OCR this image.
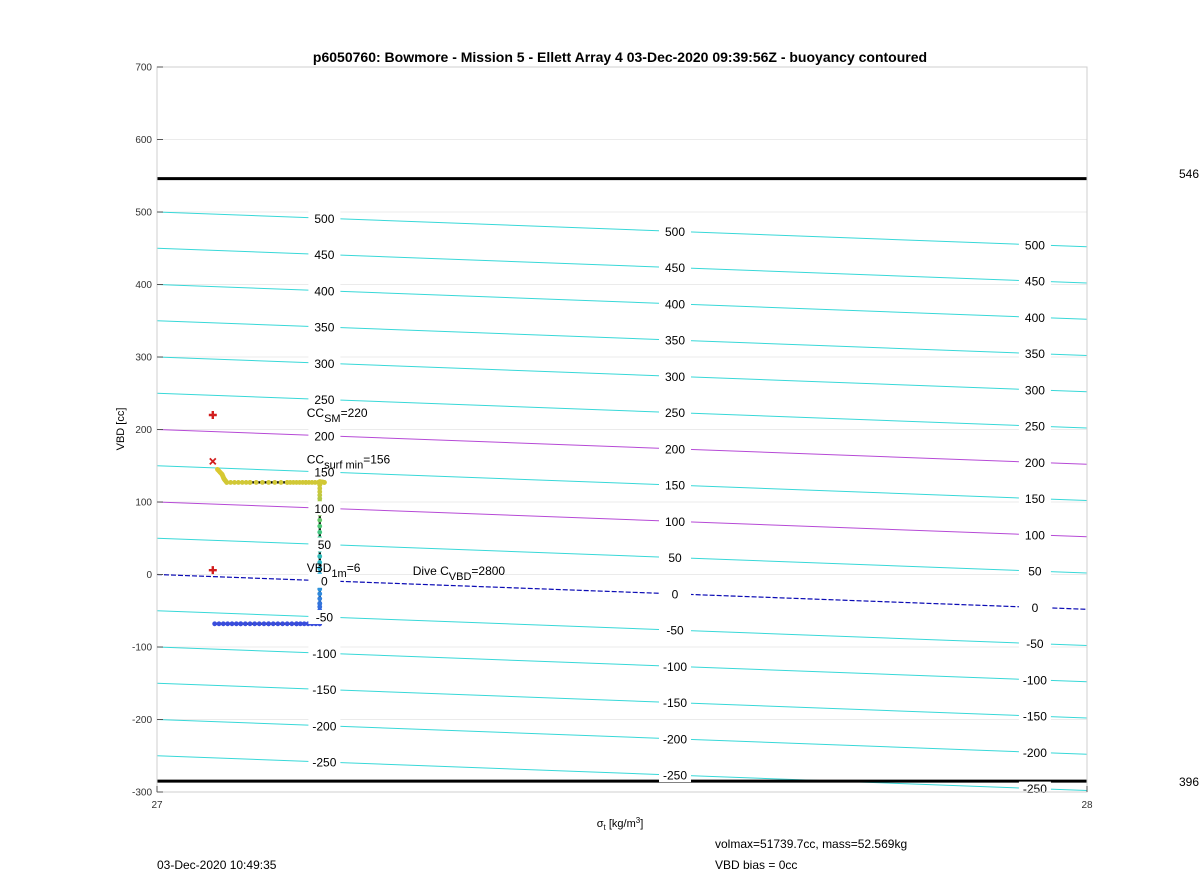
-250
-200
-150
-100
-50
0
50
100
150
200
250
300
350
400
450
500
-250
-200
-150
-100
-50
0
50
100
150
200
250
300
350
400
450
500
-250
-200
-150
-100
-50
0
50
100
150
200
250
300
350
400
450
500
CCSM=220
CCsurf min=156
VBD1m=6	Dive CVBD=2800
700
600
500
400
300
200
100
0
-100
-200
-300
27	28
p6050760: Bowmore - Mission 5 - Ellett Array 4 03-Dec-2020 09:39:56Z - buoyancy contoured
VBD [cc]
$\sigma_t$ $[kg/m^3]$
546
396
03-Dec-2020 10:49:35
volmax=51739.7cc, mass=52.569kg
VBD bias = 0cc
